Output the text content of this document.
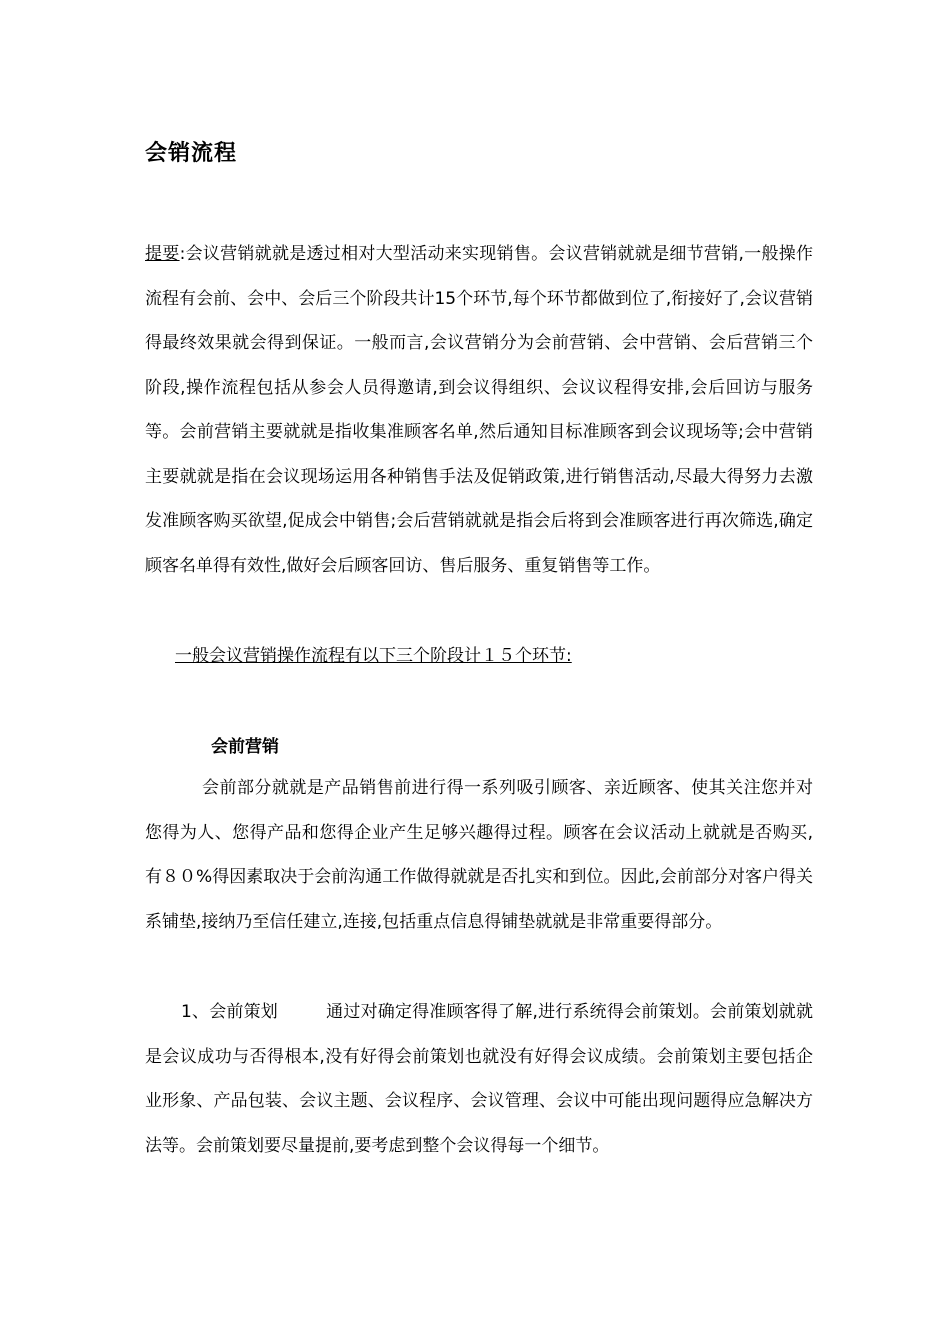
会销流程

提要:会议营销就就是透过相对大型活动来实现销售。会议营销就就是细节营销,一般操作流程有会前、会中、会后三个阶段共计15个环节,每个环节都做到位了,衔接好了,会议营销得最终效果就会得到保证。一般而言,会议营销分为会前营销、会中营销、会后营销三个阶段,操作流程包括从参会人员得邀请,到会议得组织、会议议程得安排,会后回访与服务等。会前营销主要就就是指收集准顾客名单,然后通知目标准顾客到会议现场等;会中营销主要就就是指在会议现场运用各种销售手法及促销政策,进行销售活动,尽最大得努力去激发准顾客购买欲望,促成会中销售;会后营销就就是指会后将到会准顾客进行再次筛选,确定顾客名单得有效性,做好会后顾客回访、售后服务、重复销售等工作。

一般会议营销操作流程有以下三个阶段计１５个环节:

会前营销

会前部分就就是产品销售前进行得一系列吸引顾客、亲近顾客、使其关注您并对您得为人、您得产品和您得企业产生足够兴趣得过程。顾客在会议活动上就就是否购买,有８０%得因素取决于会前沟通工作做得就就是否扎实和到位。因此,会前部分对客户得关系铺垫,接纳乃至信任建立,连接,包括重点信息得铺垫就就是非常重要得部分。

1、会前策划	通过对确定得准顾客得了解,进行系统得会前策划。会前策划就就是会议成功与否得根本,没有好得会前策划也就没有好得会议成绩。会前策划主要包括企业形象、产品包装、会议主题、会议程序、会议管理、会议中可能出现问题得应急解决方法等。会前策划要尽量提前,要考虑到整个会议得每一个细节。
